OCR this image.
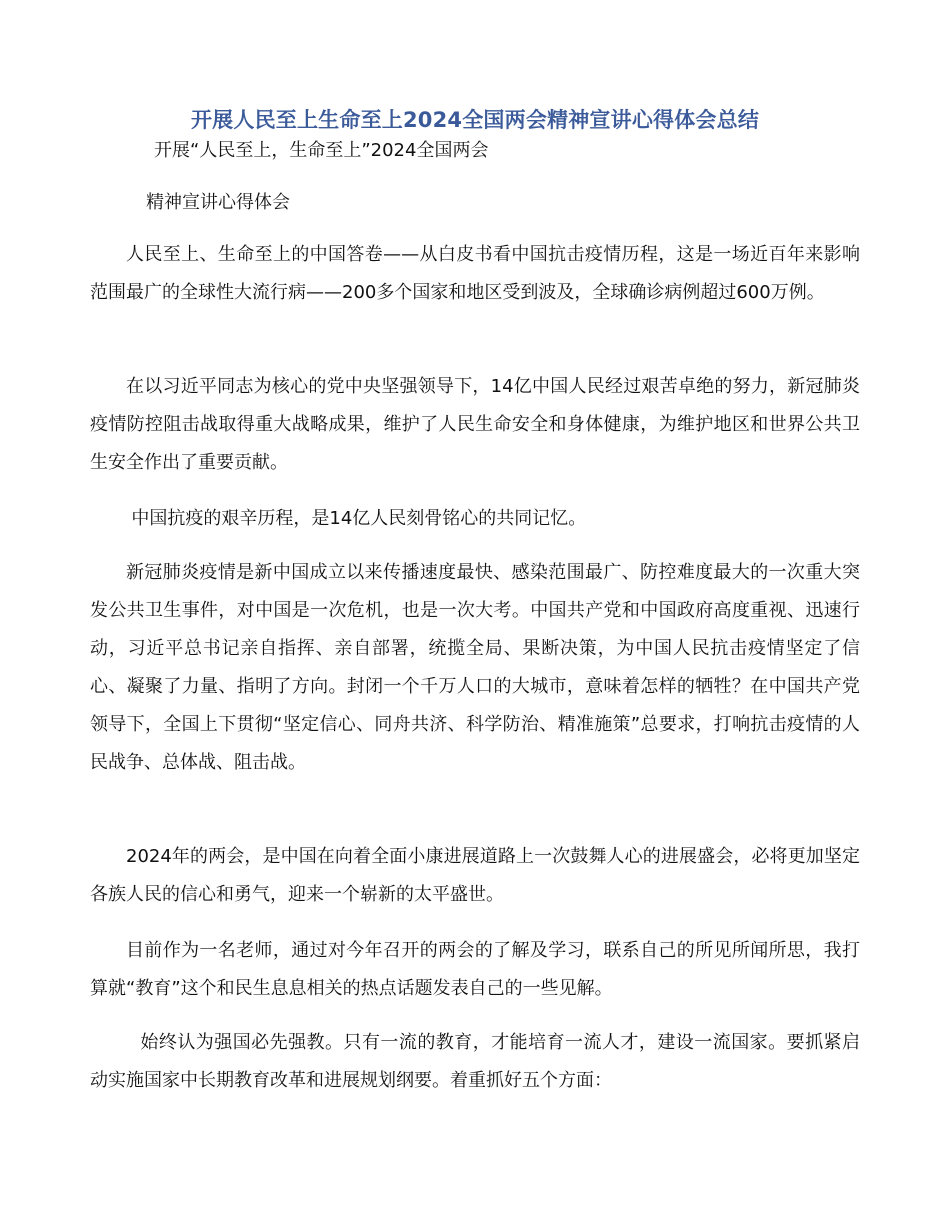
开展人民至上生命至上2024全国两会精神宣讲心得体会总结
开展“人民至上，生命至上”2024全国两会
精神宣讲心得体会

人民至上、生命至上的中国答卷——从白皮书看中国抗击疫情历程，这是一场近百年来影响范围最广的全球性大流行病——200多个国家和地区受到波及，全球确诊病例超过600万例。

在以习近平同志为核心的党中央坚强领导下，14亿中国人民经过艰苦卓绝的努力，新冠肺炎疫情防控阻击战取得重大战略成果，维护了人民生命安全和身体健康，为维护地区和世界公共卫生安全作出了重要贡献。

中国抗疫的艰辛历程，是14亿人民刻骨铭心的共同记忆。

新冠肺炎疫情是新中国成立以来传播速度最快、感染范围最广、防控难度最大的一次重大突发公共卫生事件，对中国是一次危机，也是一次大考。中国共产党和中国政府高度重视、迅速行动，习近平总书记亲自指挥、亲自部署，统揽全局、果断决策，为中国人民抗击疫情坚定了信心、凝聚了力量、指明了方向。封闭一个千万人口的大城市，意味着怎样的牺牲？在中国共产党领导下，全国上下贯彻“坚定信心、同舟共济、科学防治、精准施策”总要求，打响抗击疫情的人民战争、总体战、阻击战。

2024年的两会，是中国在向着全面小康进展道路上一次鼓舞人心的进展盛会，必将更加坚定各族人民的信心和勇气，迎来一个崭新的太平盛世。

目前作为一名老师，通过对今年召开的两会的了解及学习，联系自己的所见所闻所思，我打算就“教育”这个和民生息息相关的热点话题发表自己的一些见解。

始终认为强国必先强教。只有一流的教育，才能培育一流人才，建设一流国家。要抓紧启动实施国家中长期教育改革和进展规划纲要。着重抓好五个方面：
